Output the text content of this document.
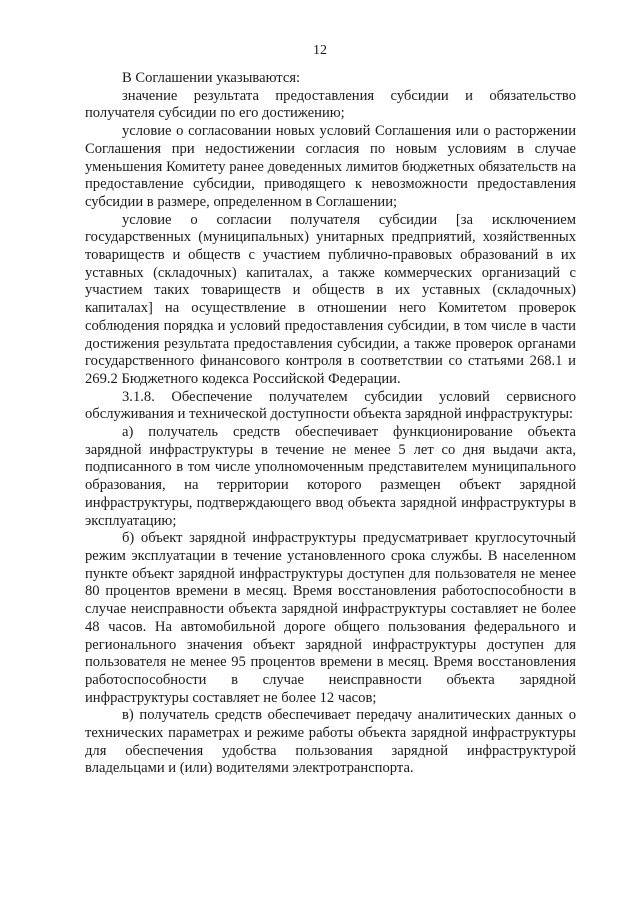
12

В Соглашении указываются:

значение результата предоставления субсидии и обязательство получателя субсидии по его достижению;

условие о согласовании новых условий Соглашения или о расторжении Соглашения при недостижении согласия по новым условиям в случае уменьшения Комитету ранее доведенных лимитов бюджетных обязательств на предоставление субсидии, приводящего к невозможности предоставления субсидии в размере, определенном в Соглашении;

условие о согласии получателя субсидии [за исключением государственных (муниципальных) унитарных предприятий, хозяйственных товариществ и обществ с участием публично-правовых образований в их уставных (складочных) капиталах, а также коммерческих организаций с участием таких товариществ и обществ в их уставных (складочных) капиталах] на осуществление в отношении него Комитетом проверок соблюдения порядка и условий предоставления субсидии, в том числе в части достижения результата предоставления субсидии, а также проверок органами государственного финансового контроля в соответствии со статьями 268.1 и 269.2 Бюджетного кодекса Российской Федерации.

3.1.8. Обеспечение получателем субсидии условий сервисного обслуживания и технической доступности объекта зарядной инфраструктуры:

а) получатель средств обеспечивает функционирование объекта зарядной инфраструктуры в течение не менее 5 лет со дня выдачи акта, подписанного в том числе уполномоченным представителем муниципального образования, на территории которого размещен объект зарядной инфраструктуры, подтверждающего ввод объекта зарядной инфраструктуры в эксплуатацию;

б) объект зарядной инфраструктуры предусматривает круглосуточный режим эксплуатации в течение установленного срока службы. В населенном пункте объект зарядной инфраструктуры доступен для пользователя не менее 80 процентов времени в месяц. Время восстановления работоспособности в случае неисправности объекта зарядной инфраструктуры составляет не более 48 часов. На автомобильной дороге общего пользования федерального и регионального значения объект зарядной инфраструктуры доступен для пользователя не менее 95 процентов времени в месяц. Время восстановления работоспособности в случае неисправности объекта зарядной инфраструктуры составляет не более 12 часов;

в) получатель средств обеспечивает передачу аналитических данных о технических параметрах и режиме работы объекта зарядной инфраструктуры для обеспечения удобства пользования зарядной инфраструктурой владельцами и (или) водителями электротранспорта.
